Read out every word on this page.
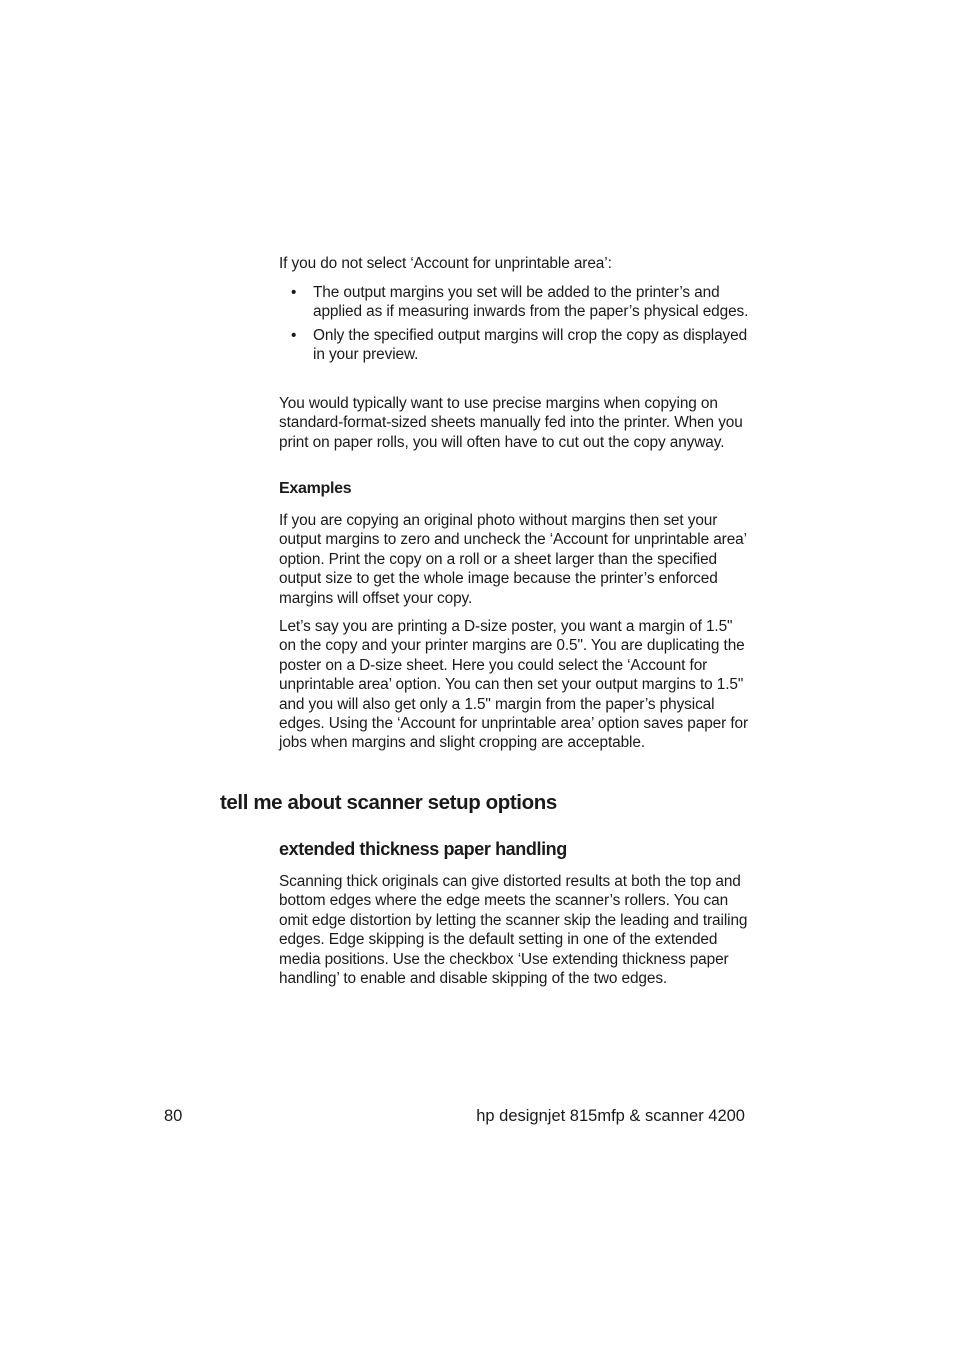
If you do not select ‘Account for unprintable area’:

• The output margins you set will be added to the printer’s and applied as if measuring inwards from the paper’s physical edges.
• Only the specified output margins will crop the copy as displayed in your preview.

You would typically want to use precise margins when copying on standard-format-sized sheets manually fed into the printer. When you print on paper rolls, you will often have to cut out the copy anyway.

Examples

If you are copying an original photo without margins then set your output margins to zero and uncheck the ‘Account for unprintable area’ option. Print the copy on a roll or a sheet larger than the specified output size to get the whole image because the printer’s enforced margins will offset your copy.

Let’s say you are printing a D-size poster, you want a margin of 1.5" on the copy and your printer margins are 0.5". You are duplicating the poster on a D-size sheet. Here you could select the ‘Account for unprintable area’ option. You can then set your output margins to 1.5" and you will also get only a 1.5" margin from the paper’s physical edges. Using the ‘Account for unprintable area’ option saves paper for jobs when margins and slight cropping are acceptable.

tell me about scanner setup options
extended thickness paper handling

Scanning thick originals can give distorted results at both the top and bottom edges where the edge meets the scanner’s rollers. You can omit edge distortion by letting the scanner skip the leading and trailing edges. Edge skipping is the default setting in one of the extended media positions. Use the checkbox ‘Use extending thickness paper handling’ to enable and disable skipping of the two edges.

80	hp designjet 815mfp & scanner 4200
